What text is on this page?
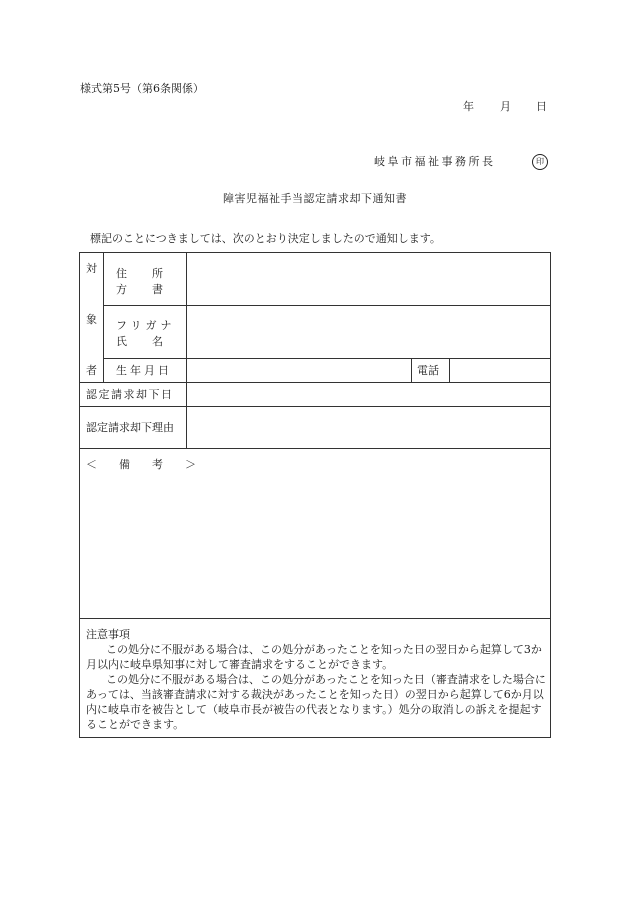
様式第5号（第6条関係）
年 月 日
岐阜市福祉事務所長	印
障害児福祉手当認定請求却下通知書
標記のことにつきましては、次のとおり決定しましたので通知します。
対
象
者
住　　所
方　　書
フリガナ
氏　　名
生年月日	電話
認定請求却下日
認定請求却下理由
＜　　備　　考　　＞

注意事項

この処分に不服がある場合は、この処分があったことを知った日の翌日から起算して3か月以内に岐阜県知事に対して審査請求をすることができます。

この処分に不服がある場合は、この処分があったことを知った日（審査請求をした場合にあっては、当該審査請求に対する裁決があったことを知った日）の翌日から起算して6か月以内に岐阜市を被告として（岐阜市長が被告の代表となります。）処分の取消しの訴えを提起することができます。
